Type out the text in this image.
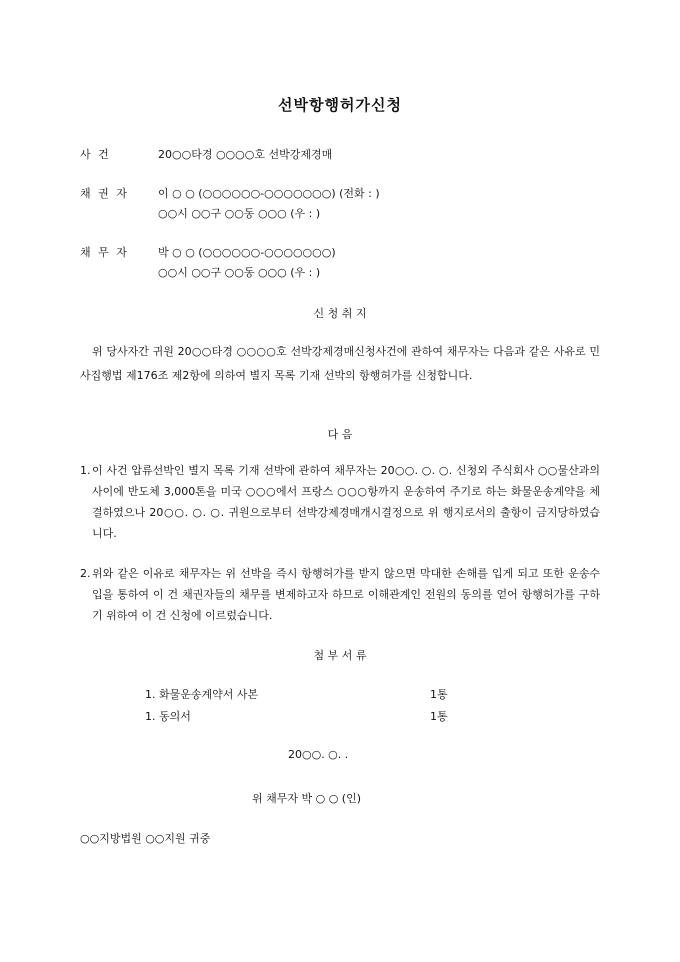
선박항행허가신청
사 건	20○○타경 ○○○○호 선박강제경매
채 권 자	이 ○ ○ (○○○○○○-○○○○○○○) (전화 : )
○○시 ○○구 ○○동 ○○○ (우 : )
채 무 자	박 ○ ○ (○○○○○○-○○○○○○○)
○○시 ○○구 ○○동 ○○○ (우 : )
신 청 취 지
위 당사자간 귀원 20○○타경 ○○○○호 선박강제경매신청사건에 관하여 채무자는 다음과 같은 사유로 민사집행법 제176조 제2항에 의하여 별지 목록 기재 선박의 항행허가를 신청합니다.
다 음
1. 이 사건 압류선박인 별지 목록 기재 선박에 관하여 채무자는 20○○. ○. ○. 신청외 주식회사 ○○물산과의 사이에 반도체 3,000톤을 미국 ○○○에서 프랑스 ○○○항까지 운송하여 주기로 하는 화물운송계약을 체결하였으나 20○○. ○. ○. 귀원으로부터 선박강제경매개시결정으로 위 행지로서의 출항이 금지당하였습니다.
2. 위와 같은 이유로 채무자는 위 선박을 즉시 항행허가를 받지 않으면 막대한 손해를 입게 되고 또한 운송수입을 통하여 이 건 채권자들의 채무를 변제하고자 하므로 이해관계인 전원의 동의를 얻어 항행허가를 구하기 위하여 이 건 신청에 이르렀습니다.
첨 부 서 류
1. 화물운송계약서 사본	1통
1. 동의서	1통
20○○. ○. .
위 채무자 박 ○ ○ (인)
○○지방법원 ○○지원 귀중
